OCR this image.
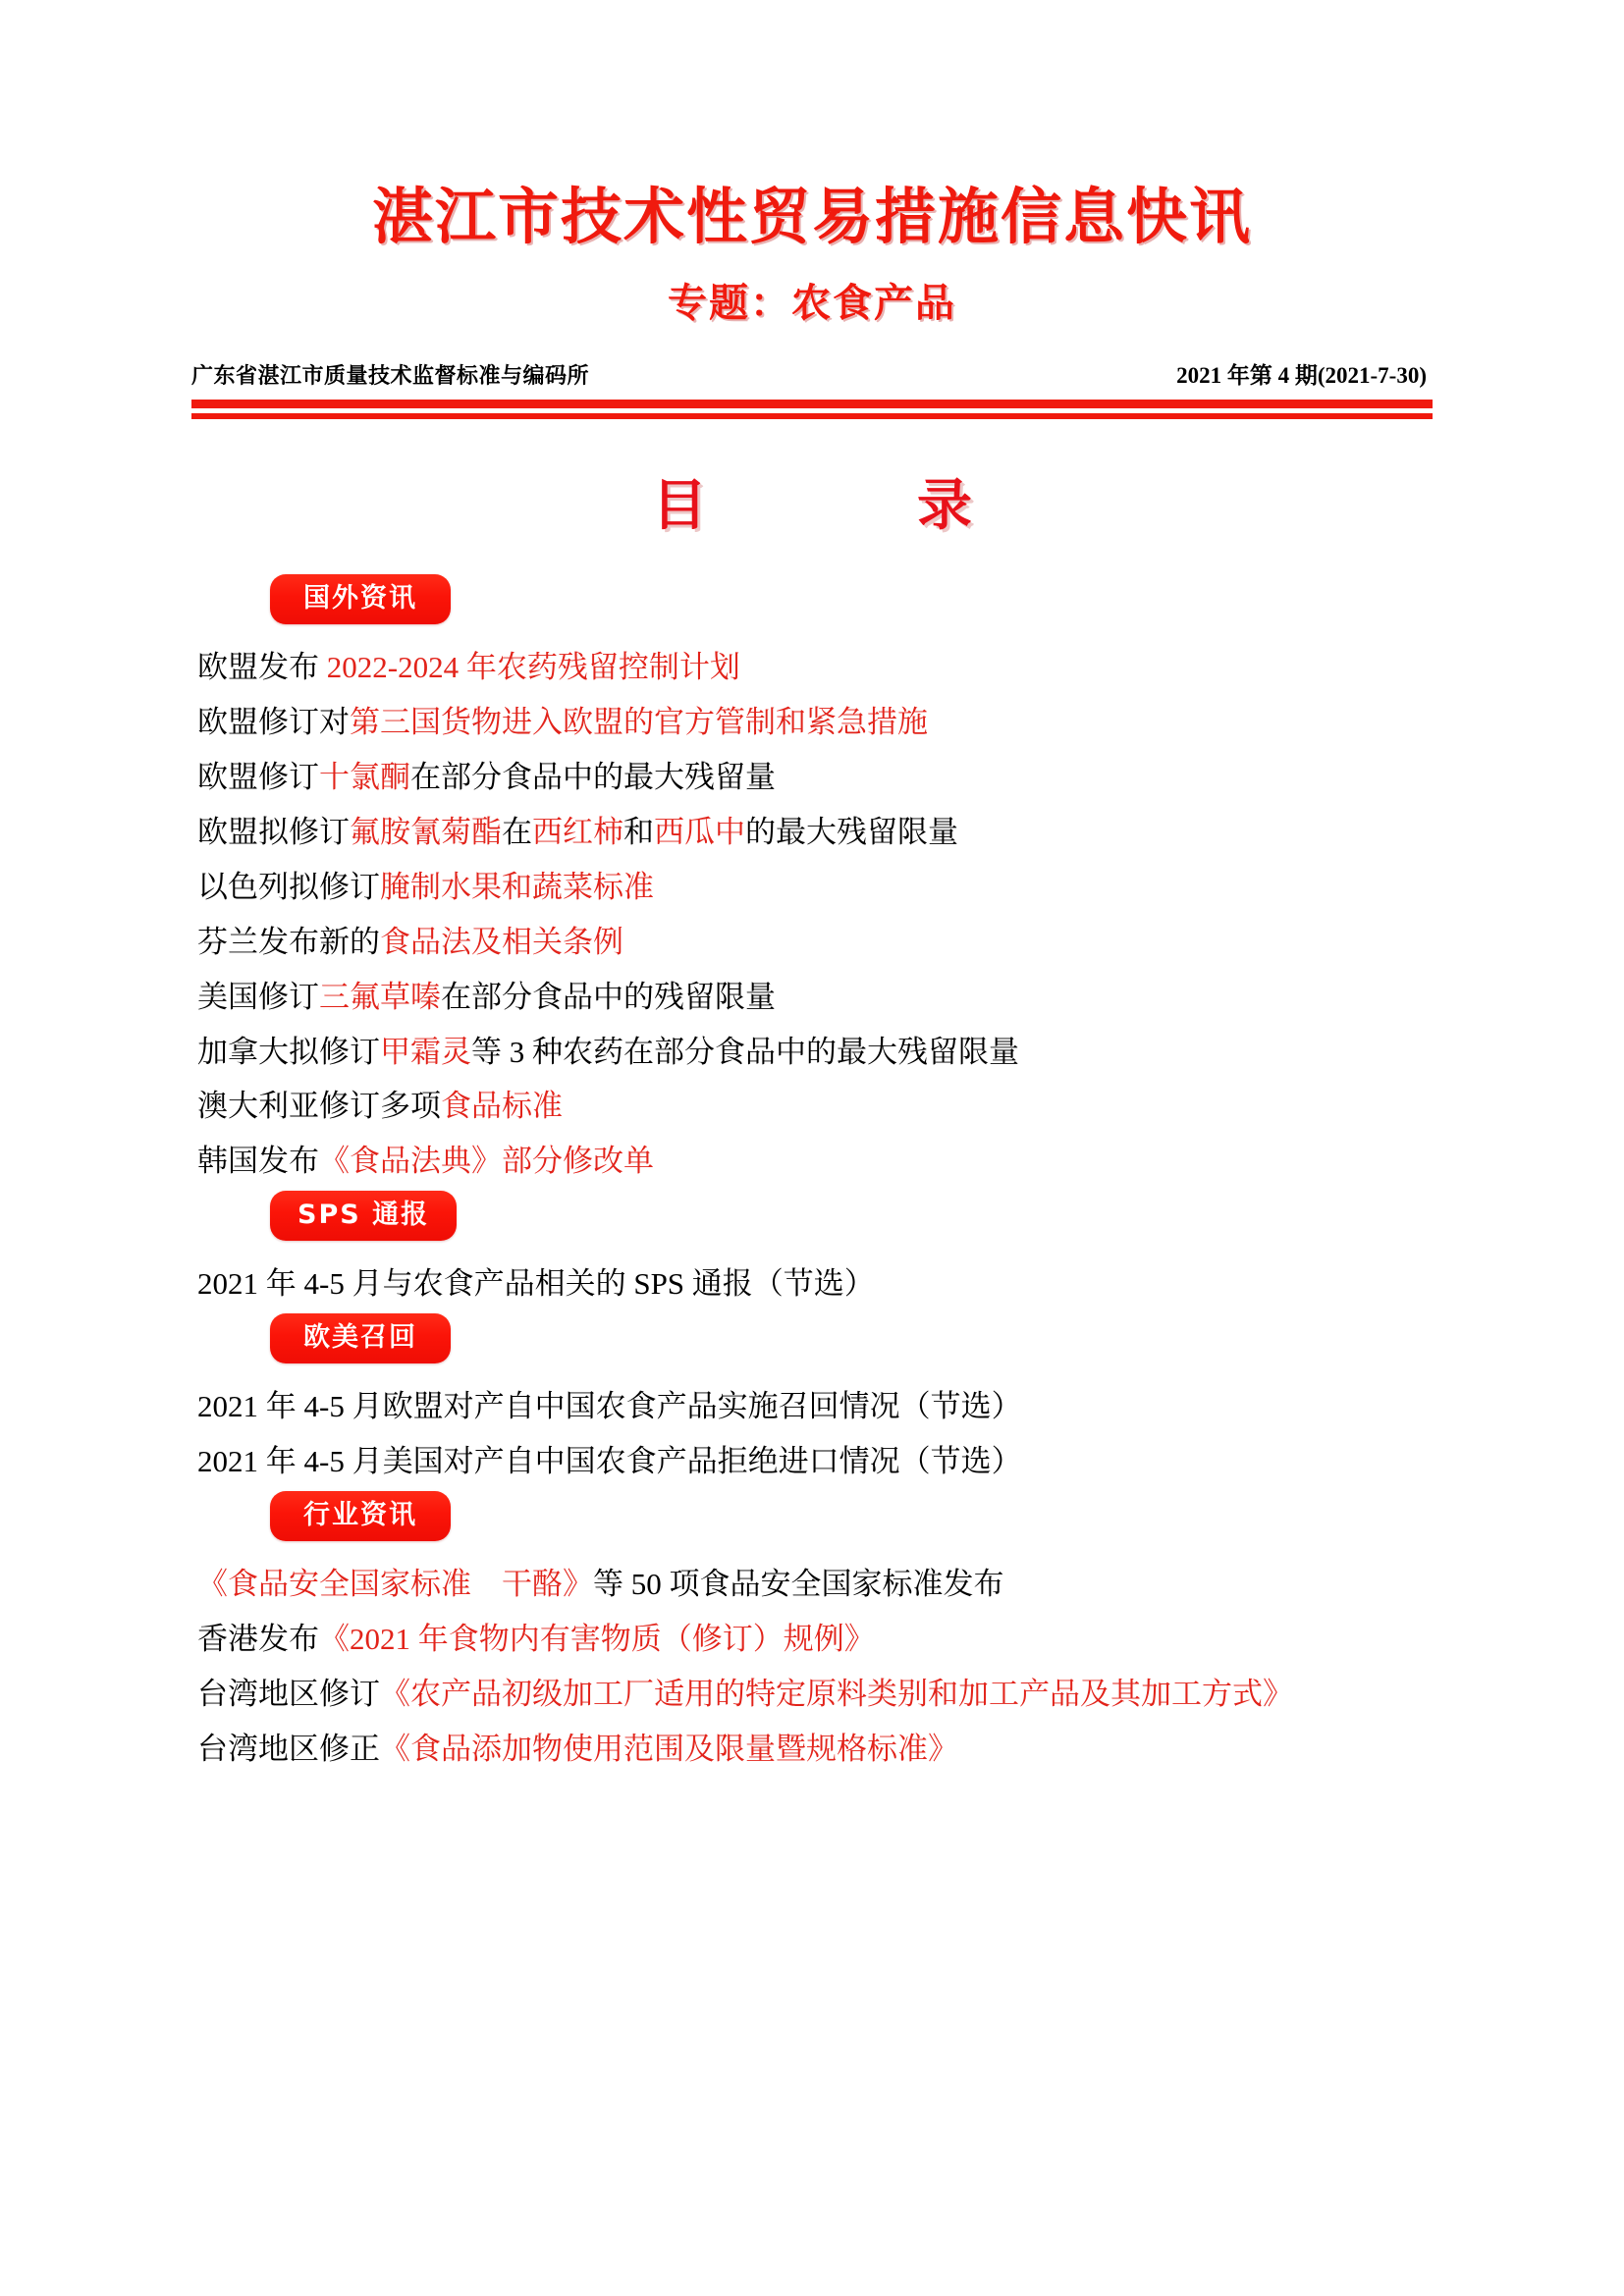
湛江市技术性贸易措施信息快讯
专题：农食产品
广东省湛江市质量技术监督标准与编码所	2021 年第 4 期(2021-7-30)
目　　录
国外资讯
欧盟发布 2022-2024 年农药残留控制计划
欧盟修订对第三国货物进入欧盟的官方管制和紧急措施
欧盟修订十氯酮在部分食品中的最大残留量
欧盟拟修订氟胺氰菊酯在西红柿和西瓜中的最大残留限量
以色列拟修订腌制水果和蔬菜标准
芬兰发布新的食品法及相关条例
美国修订三氟草嗪在部分食品中的残留限量
加拿大拟修订甲霜灵等 3 种农药在部分食品中的最大残留限量
澳大利亚修订多项食品标准
韩国发布《食品法典》部分修改单
SPS 通报
2021 年 4-5 月与农食产品相关的 SPS 通报（节选）
欧美召回
2021 年 4-5 月欧盟对产自中国农食产品实施召回情况（节选）
2021 年 4-5 月美国对产自中国农食产品拒绝进口情况（节选）
行业资讯
《食品安全国家标准　干酪》等 50 项食品安全国家标准发布
香港发布《2021 年食物内有害物质（修订）规例》
台湾地区修订《农产品初级加工厂适用的特定原料类别和加工产品及其加工方式》
台湾地区修正《食品添加物使用范围及限量暨规格标准》
